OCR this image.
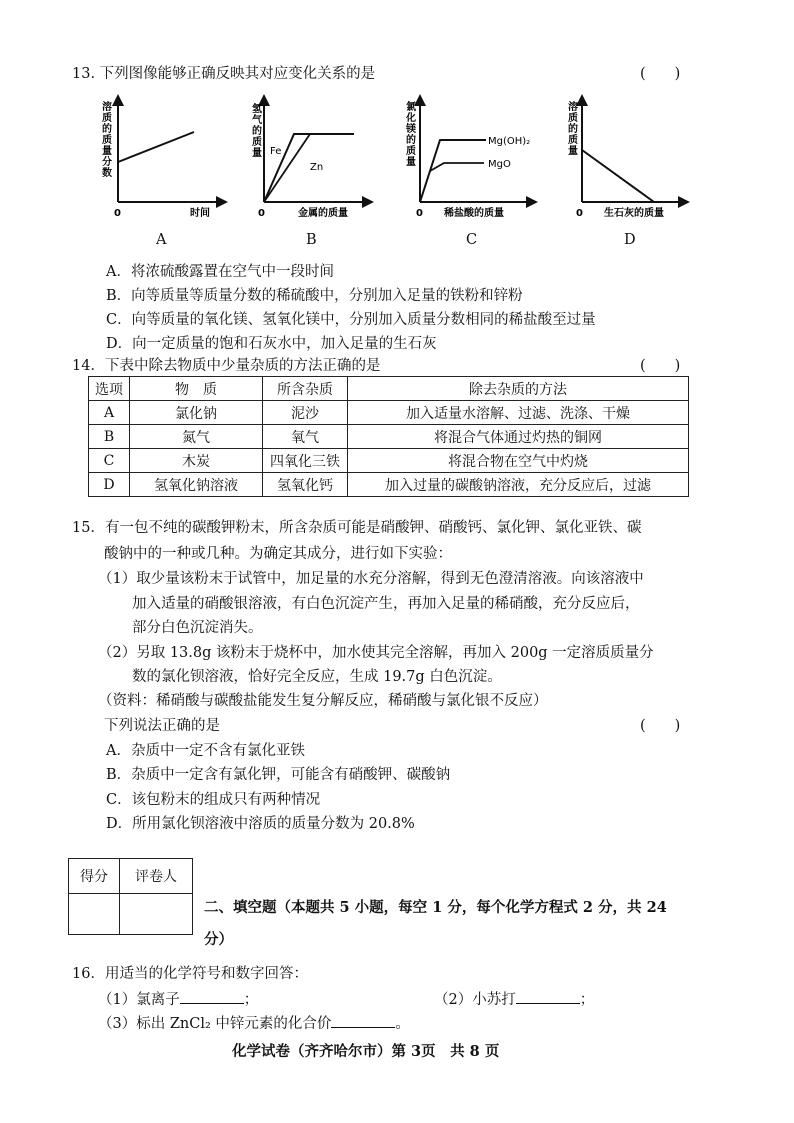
13. 下列图像能够正确反映其对应变化关系的是	(　　)
溶
质
的
质
量
分
数
0	时间
氢
气
的
质
量 Fe
Zn
0	金属的质量
氯
化
镁
的
质
量
Mg(OH)₂
MgO
0 稀盐酸的质量
溶
质
的
质
量
0 生石灰的质量
A	B	C	D
A．将浓硫酸露置在空气中一段时间
B．向等质量等质量分数的稀硫酸中，分别加入足量的铁粉和锌粉
C．向等质量的氧化镁、氢氧化镁中，分别加入质量分数相同的稀盐酸至过量
D．向一定质量的饱和石灰水中，加入足量的生石灰
14．下表中除去物质中少量杂质的方法正确的是	(　　)
选项	物　质	所含杂质	除去杂质的方法
A	氯化钠	泥沙	加入适量水溶解、过滤、洗涤、干燥
B	氮气	氧气	将混合气体通过灼热的铜网
C	木炭	四氧化三铁	将混合物在空气中灼烧
D	氢氧化钠溶液	氢氧化钙	加入过量的碳酸钠溶液，充分反应后，过滤
15．有一包不纯的碳酸钾粉末，所含杂质可能是硝酸钾、硝酸钙、氯化钾、氯化亚铁、碳
酸钠中的一种或几种。为确定其成分，进行如下实验：
（1）取少量该粉末于试管中，加足量的水充分溶解，得到无色澄清溶液。向该溶液中
加入适量的硝酸银溶液，有白色沉淀产生，再加入足量的稀硝酸，充分反应后，
部分白色沉淀消失。
（2）另取 13.8g 该粉末于烧杯中，加水使其完全溶解，再加入 200g 一定溶质质量分
数的氯化钡溶液，恰好完全反应，生成 19.7g 白色沉淀。
（资料：稀硝酸与碳酸盐能发生复分解反应，稀硝酸与氯化银不反应）
下列说法正确的是	(　　)
A．杂质中一定不含有氯化亚铁
B．杂质中一定含有氯化钾，可能含有硝酸钾、碳酸钠
C．该包粉末的组成只有两种情况
D．所用氯化钡溶液中溶质的质量分数为 20.8%
得分	评卷人

二、填空题（本题共 5 小题，每空 1 分，每个化学方程式 2 分，共 24
分）
16．用适当的化学符号和数字回答：
（1）氯离子	；	（2）小苏打	；
（3）标出 ZnCl₂ 中锌元素的化合价	。
化学试卷（齐齐哈尔市）第 3页　共 8 页
